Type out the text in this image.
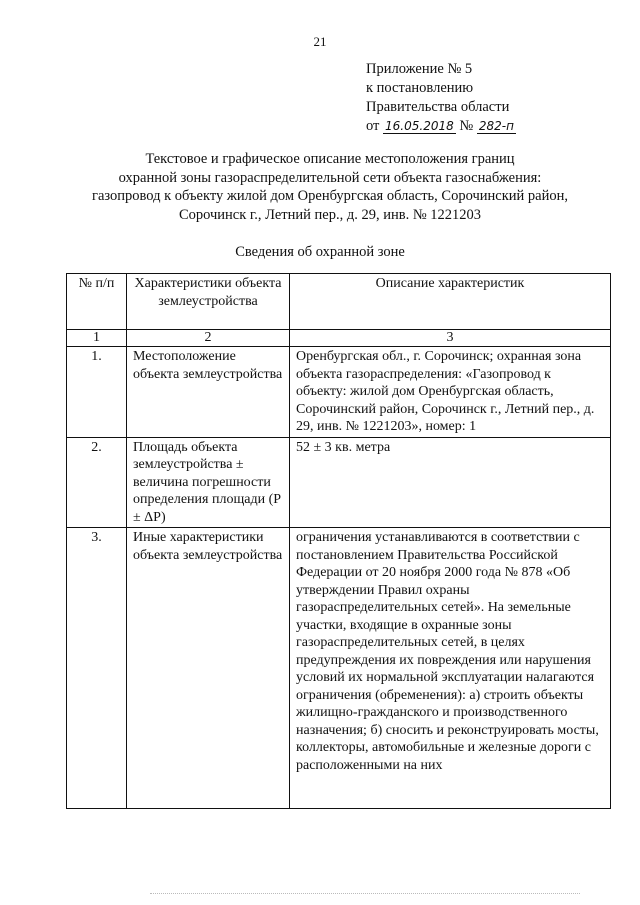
21
Приложение № 5
к постановлению
Правительства области
от 16.05.2018 № 282-п
Текстовое и графическое описание местоположения границ
охранной зоны газораспределительной сети объекта газоснабжения:
газопровод к объекту жилой дом Оренбургская область, Сорочинский район,
Сорочинск г., Летний пер., д. 29, инв. № 1221203
Сведения об охранной зоне
№ п/п	Характеристики объекта землеустройства	Описание характеристик
1	2	3
1.	Местоположение объекта землеустройства	Оренбургская обл., г. Сорочинск; охранная зона объекта газораспределения: «Газопровод к объекту: жилой дом Оренбургская область, Сорочинский район, Сорочинск г., Летний пер., д. 29, инв. № 1221203», номер: 1
2.	Площадь объекта землеустройства ± величина погрешности определения площади (P ± ΔP)	52 ± 3 кв. метра
3.	Иные характеристики объекта землеустройства	ограничения устанавливаются в соответствии с постановлением Правительства Российской Федерации от 20 ноября 2000 года № 878 «Об утверждении Правил охраны газораспределительных сетей». На земельные участки, входящие в охранные зоны газораспределительных сетей, в целях предупреждения их повреждения или нарушения условий их нормальной эксплуатации налагаются ограничения (обременения): а) строить объекты жилищно-гражданского и производственного назначения; б) сносить и реконструировать мосты, коллекторы, автомобильные и железные дороги с расположенными на них
